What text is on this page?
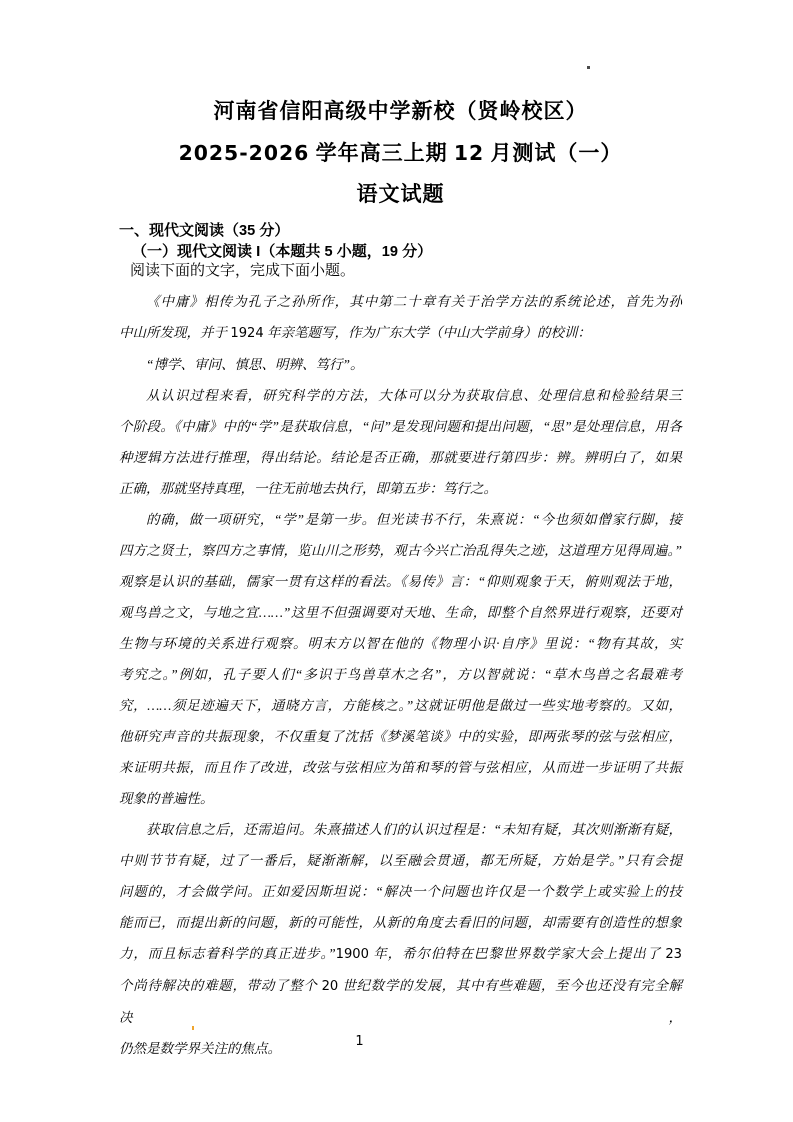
河南省信阳高级中学新校（贤岭校区）
2025-2026 学年高三上期 12 月测试（一）
语文试题
一、现代文阅读（35 分）
（一）现代文阅读 I（本题共 5 小题，19 分）
阅读下面的文字，完成下面小题。
《中庸》相传为孔子之孙所作，其中第二十章有关于治学方法的系统论述，首先为孙
中山所发现，并于 1924 年亲笔题写，作为广东大学（中山大学前身）的校训：
“博学、审问、慎思、明辨、笃行”。
从认识过程来看，研究科学的方法，大体可以分为获取信息、处理信息和检验结果三
个阶段。《中庸》中的“学”是获取信息，“问”是发现问题和提出问题，“思”是处理信息，用各
种逻辑方法进行推理，得出结论。结论是否正确，那就要进行第四步：辨。辨明白了，如果
正确，那就坚持真理，一往无前地去执行，即第五步：笃行之。
的确，做一项研究，“学”是第一步。但光读书不行，朱熹说：“今也须如僧家行脚，接
四方之贤士，察四方之事情，览山川之形势，观古今兴亡治乱得失之迹，这道理方见得周遍。”
观察是认识的基础，儒家一贯有这样的看法。《易传》言：“仰则观象于天，俯则观法于地，
观鸟兽之文，与地之宜……”这里不但强调要对天地、生命，即整个自然界进行观察，还要对
生物与环境的关系进行观察。明末方以智在他的《物理小识·自序》里说：“物有其故，实
考究之。”例如，孔子要人们“多识于鸟兽草木之名”，方以智就说：“草木鸟兽之名最难考
究，……须足迹遍天下，通晓方言，方能核之。”这就证明他是做过一些实地考察的。又如，
他研究声音的共振现象，不仅重复了沈括《梦溪笔谈》中的实验，即两张琴的弦与弦相应，
来证明共振，而且作了改进，改弦与弦相应为笛和琴的管与弦相应，从而进一步证明了共振
现象的普遍性。
获取信息之后，还需追问。朱熹描述人们的认识过程是：“未知有疑，其次则渐渐有疑，
中则节节有疑，过了一番后，疑渐渐解，以至融会贯通，都无所疑，方始是学。”只有会提
问题的，才会做学问。正如爱因斯坦说：“解决一个问题也许仅是一个数学上或实验上的技
能而已，而提出新的问题，新的可能性，从新的角度去看旧的问题，却需要有创造性的想象
力，而且标志着科学的真正进步。”1900 年，希尔伯特在巴黎世界数学家大会上提出了 23
个尚待解决的难题，带动了整个 20 世纪数学的发展，其中有些难题，至今也还没有完全解决，
仍然是数学界关注的焦点。	1
